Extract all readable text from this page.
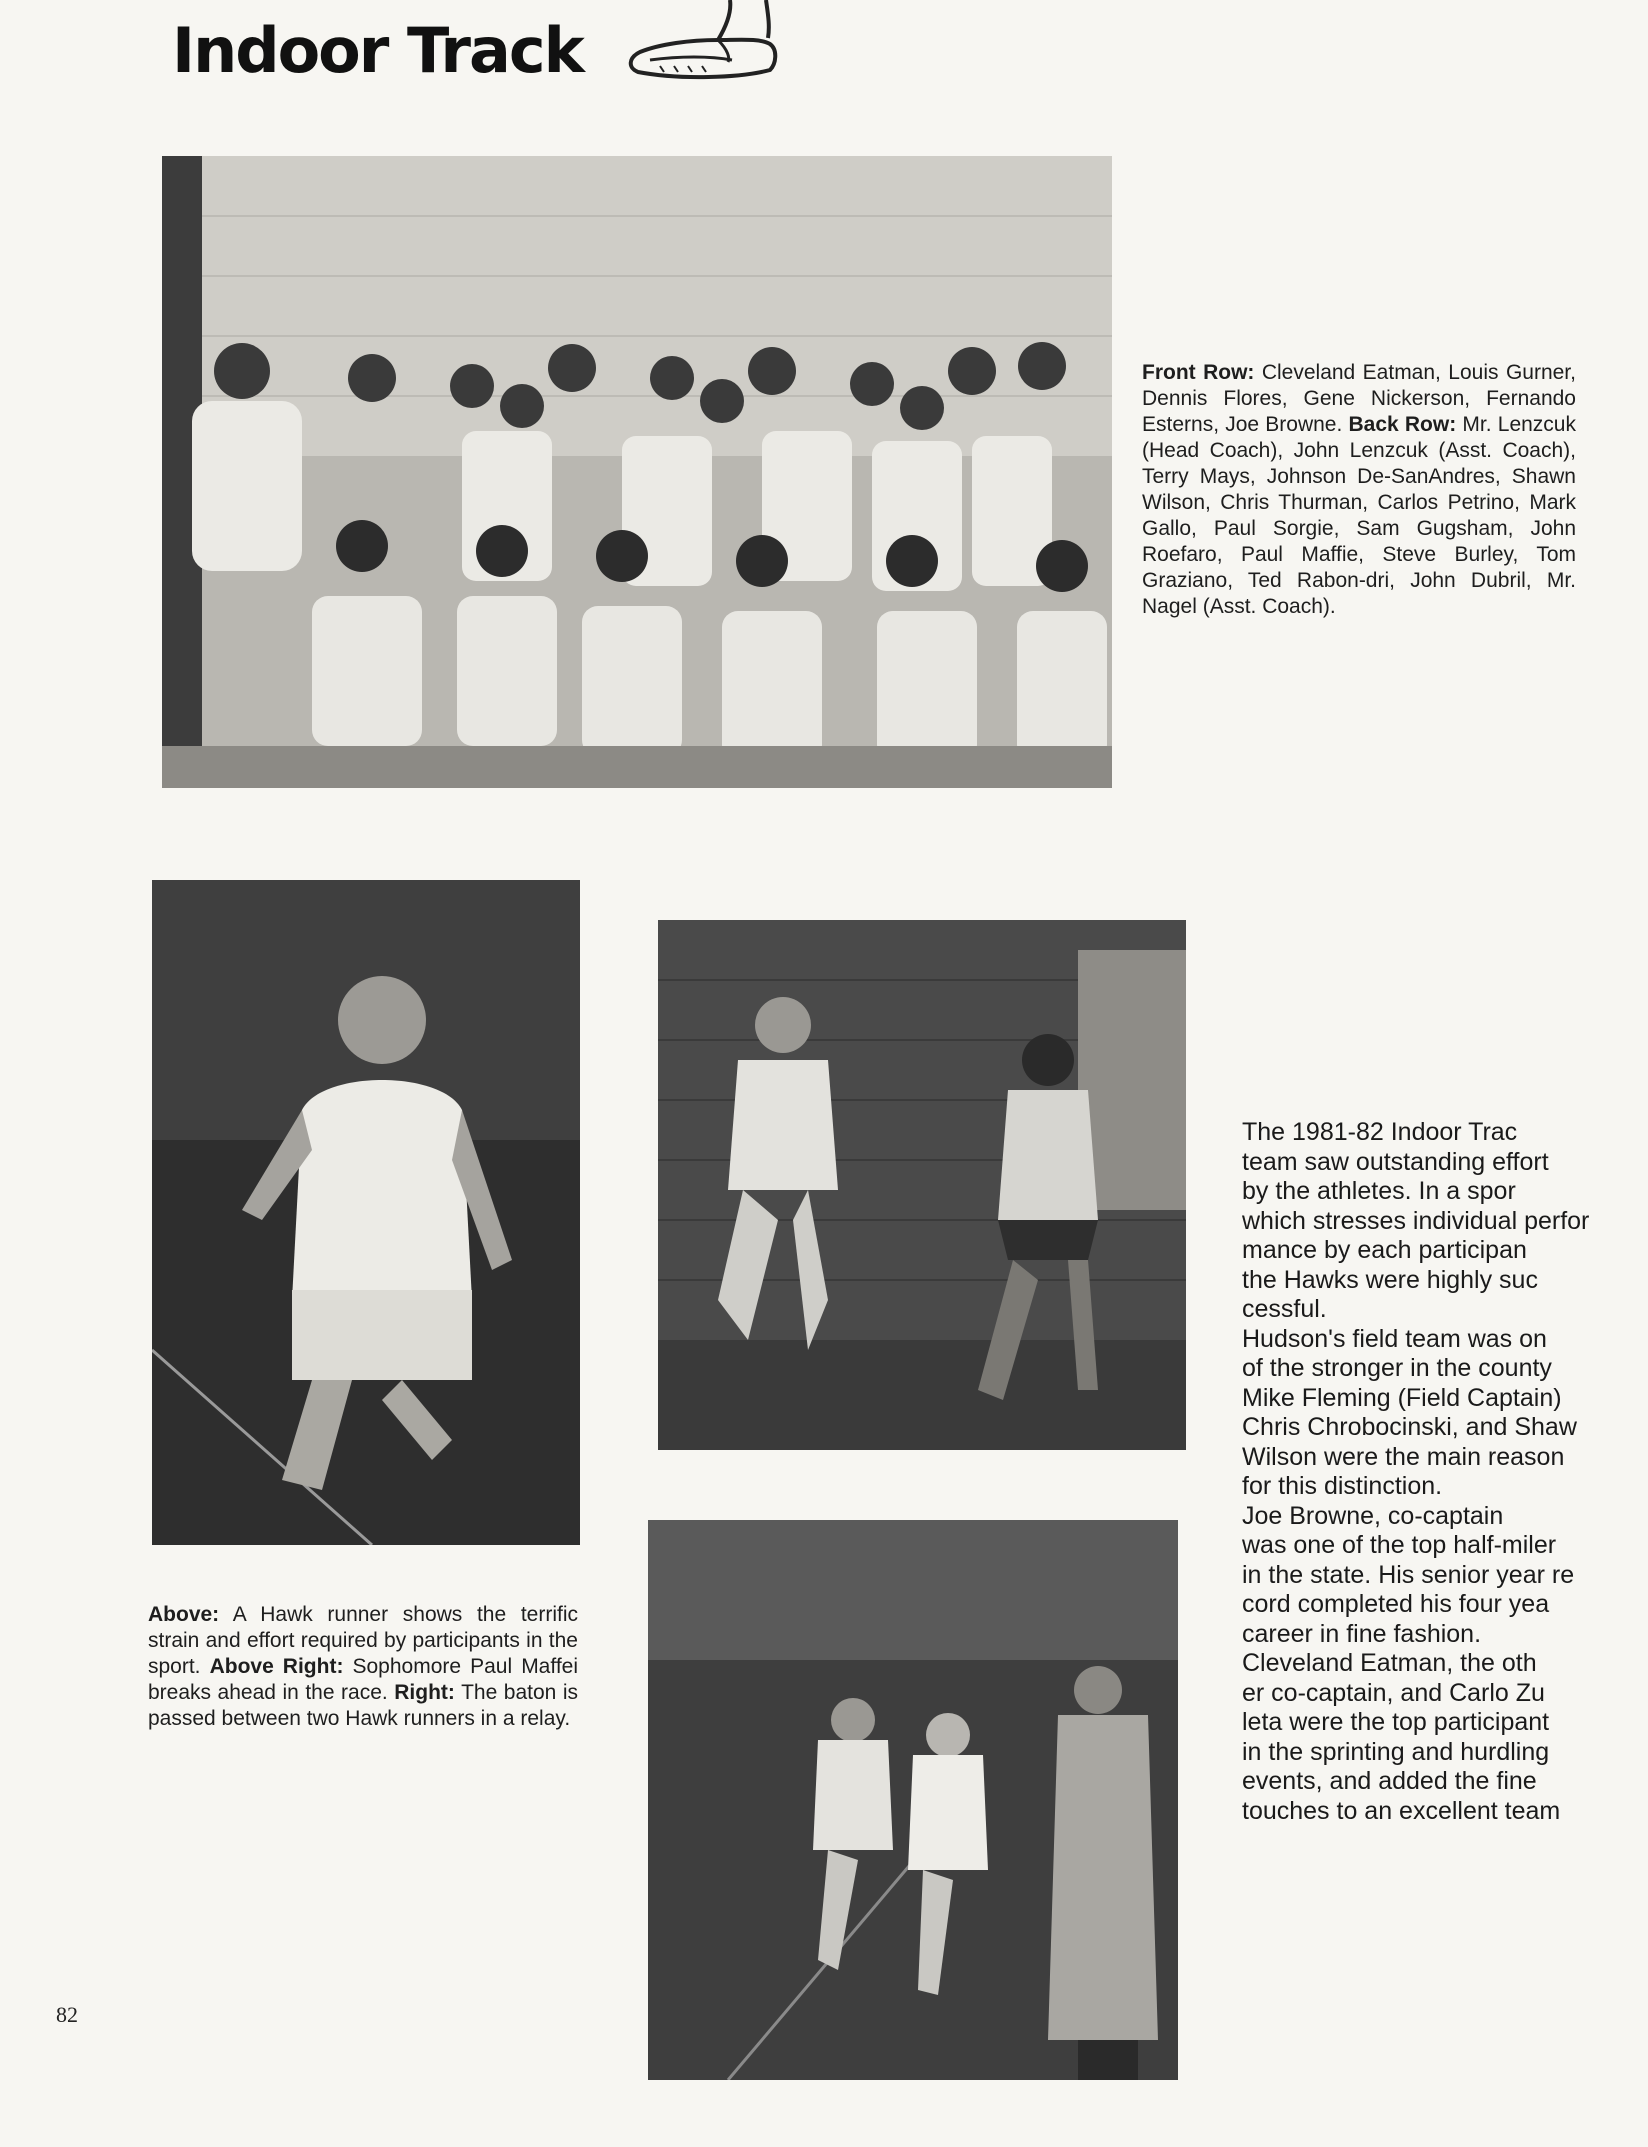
Indoor Track
Front Row: Cleveland Eatman, Louis Gurner, Dennis Flores, Gene Nickerson, Fernando Esterns, Joe Browne. Back Row: Mr. Lenzcuk (Head Coach), John Lenzcuk (Asst. Coach), Terry Mays, Johnson De-SanAndres, Shawn Wilson, Chris Thurman, Carlos Petrino, Mark Gallo, Paul Sorgie, Sam Gugsham, John Roefaro, Paul Maffie, Steve Burley, Tom Graziano, Ted Rabon-dri, John Dubril, Mr. Nagel (Asst. Coach).
Above: A Hawk runner shows the terrific strain and effort required by participants in the sport. Above Right: Sophomore Paul Maffei breaks ahead in the race. Right: The baton is passed between two Hawk runners in a relay.

The 1981-82 Indoor Trac

team saw outstanding effort

by the athletes. In a spor

which stresses individual perfor

mance by each participan

the Hawks were highly suc

cessful.

Hudson's field team was on

of the stronger in the county

Mike Fleming (Field Captain)

Chris Chrobocinski, and Shaw

Wilson were the main reason

for this distinction.

Joe Browne, co-captain

was one of the top half-miler

in the state. His senior year re

cord completed his four yea

career in fine fashion.

Cleveland Eatman, the oth

er co-captain, and Carlo Zu

leta were the top participant

in the sprinting and hurdling

events, and added the fine

touches to an excellent team

82
